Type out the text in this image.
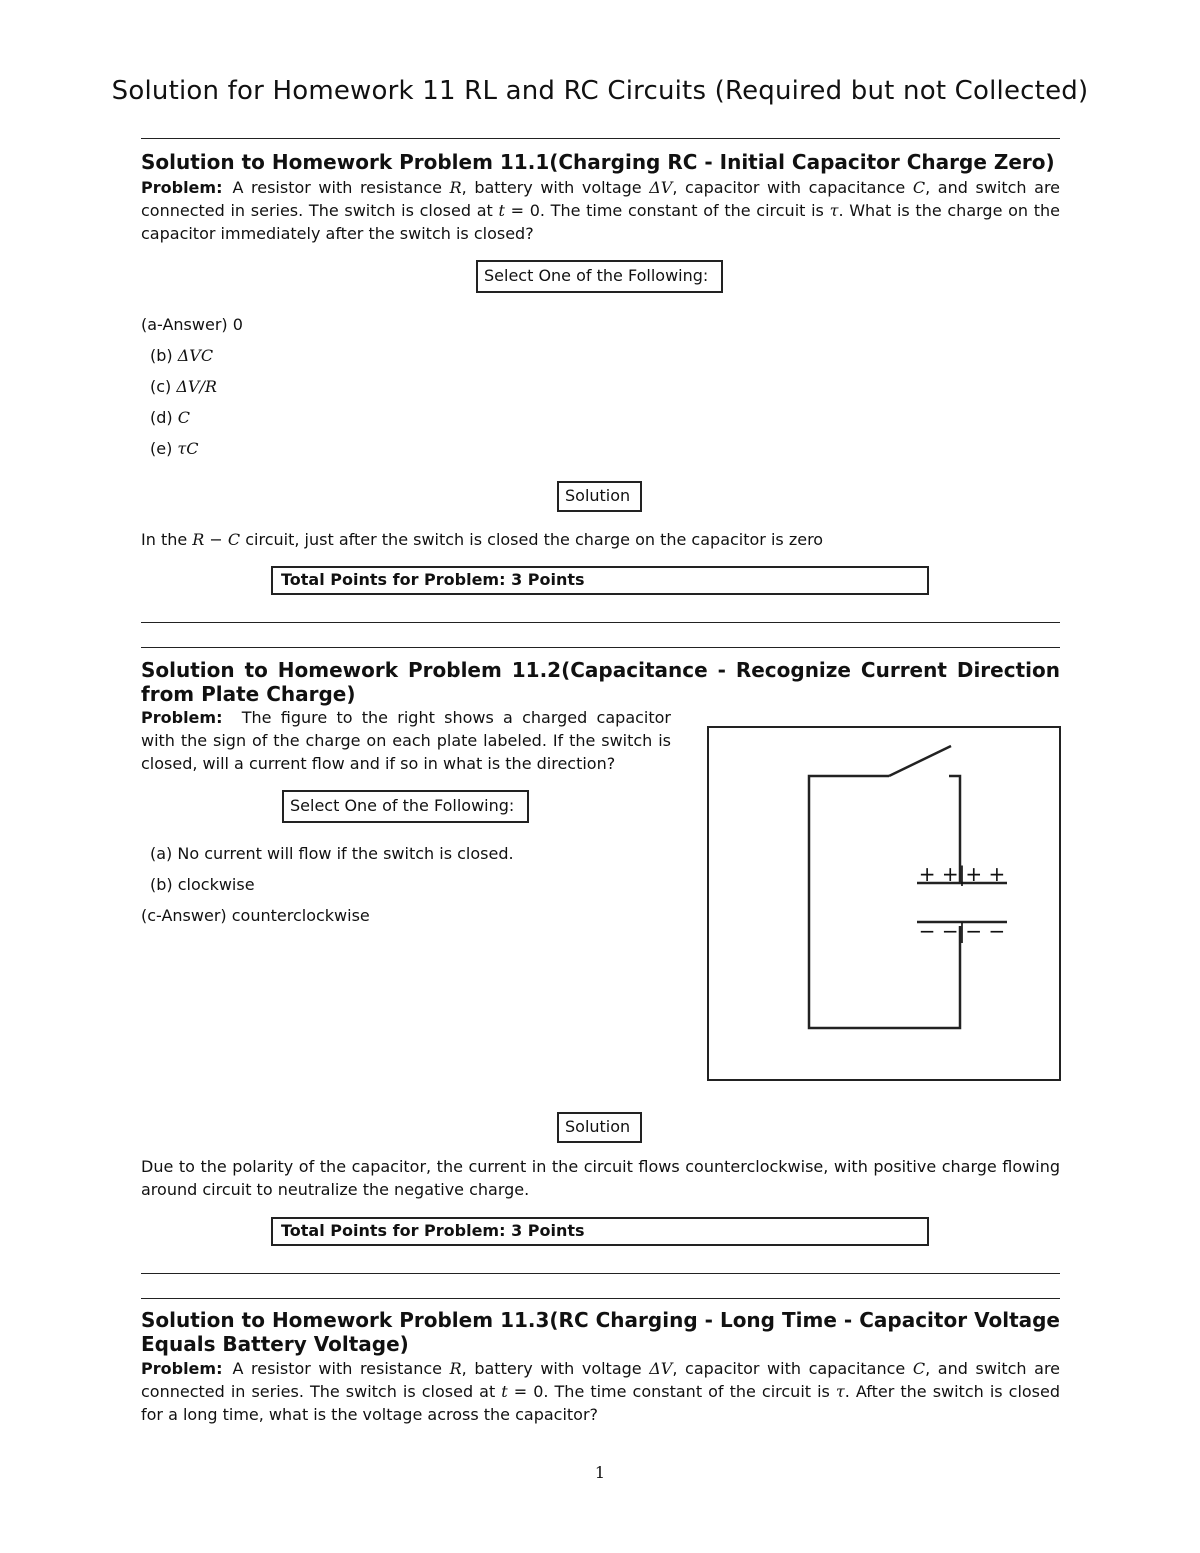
Solution for Homework 11 RL and RC Circuits (Required but not Collected)
Solution to Homework Problem 11.1(Charging RC - Initial Capacitor Charge Zero)
Problem: A resistor with resistance R, battery with voltage ΔV, capacitor with capacitance C, and switch are connected in series. The switch is closed at t = 0. The time constant of the circuit is τ. What is the charge on the capacitor immediately after the switch is closed?
Select One of the Following:
(a-Answer) 0
(b) ΔVC
(c) ΔV/R
(d) C
(e) τC
Solution
In the R − C circuit, just after the switch is closed the charge on the capacitor is zero
Total Points for Problem: 3 Points
Solution to Homework Problem 11.2(Capacitance - Recognize Current Direction from Plate Charge)
Problem: The figure to the right shows a charged capacitor with the sign of the charge on each plate labeled. If the switch is closed, will a current flow and if so in what is the direction?
Select One of the Following:
(a) No current will flow if the switch is closed.
(b) clockwise
(c-Answer) counterclockwise
+ +|+ +
− −|− −
Solution
Due to the polarity of the capacitor, the current in the circuit flows counterclockwise, with positive charge flowing around circuit to neutralize the negative charge.
Total Points for Problem: 3 Points
Solution to Homework Problem 11.3(RC Charging - Long Time - Capacitor Voltage Equals Battery Voltage)
Problem: A resistor with resistance R, battery with voltage ΔV, capacitor with capacitance C, and switch are connected in series. The switch is closed at t = 0. The time constant of the circuit is τ. After the switch is closed for a long time, what is the voltage across the capacitor?
1
